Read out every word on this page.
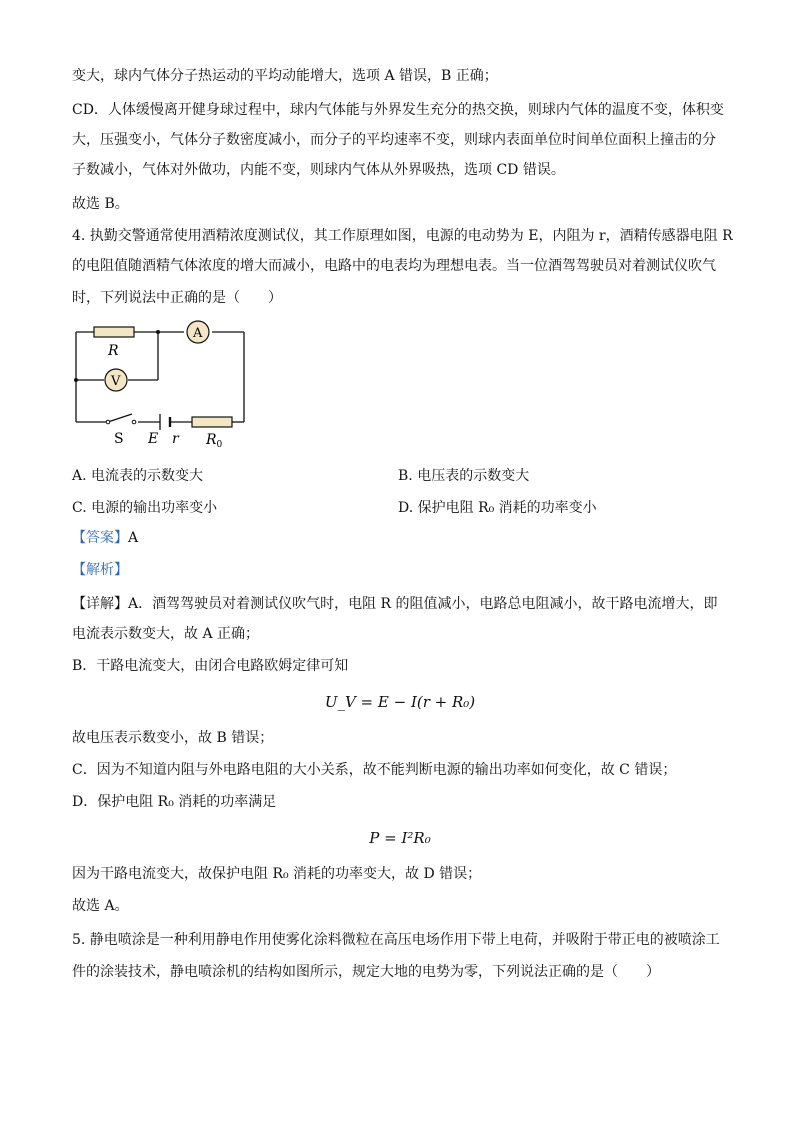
变大，球内气体分子热运动的平均动能增大，选项 A 错误，B 正确；
CD．人体缓慢离开健身球过程中，球内气体能与外界发生充分的热交换，则球内气体的温度不变，体积变
大，压强变小，气体分子数密度减小，而分子的平均速率不变，则球内表面单位时间单位面积上撞击的分
子数减小，气体对外做功，内能不变，则球内气体从外界吸热，选项 CD 错误。
故选 B。
4. 执勤交警通常使用酒精浓度测试仪，其工作原理如图，电源的电动势为 E，内阻为 r，酒精传感器电阻 R
的电阻值随酒精气体浓度的增大而减小，电路中的电表均为理想电表。当一位酒驾驾驶员对着测试仪吹气
时，下列说法中正确的是（　　）
R
A
V
S E r $R_0$
A. 电流表的示数变大	B. 电压表的示数变大
C. 电源的输出功率变小	D. 保护电阻 R₀ 消耗的功率变小
【答案】A
【解析】
【详解】A．酒驾驾驶员对着测试仪吹气时，电阻 R 的阻值减小，电路总电阻减小，故干路电流增大，即
电流表示数变大，故 A 正确；
B．干路电流变大，由闭合电路欧姆定律可知
U_V = E − I(r + R₀)
故电压表示数变小，故 B 错误；
C．因为不知道内阻与外电路电阻的大小关系，故不能判断电源的输出功率如何变化，故 C 错误；
D．保护电阻 R₀ 消耗的功率满足
P = I²R₀
因为干路电流变大，故保护电阻 R₀ 消耗的功率变大，故 D 错误；
故选 A。
5. 静电喷涂是一种利用静电作用使雾化涂料微粒在高压电场作用下带上电荷，并吸附于带正电的被喷涂工
件的涂装技术，静电喷涂机的结构如图所示，规定大地的电势为零，下列说法正确的是（　　）
